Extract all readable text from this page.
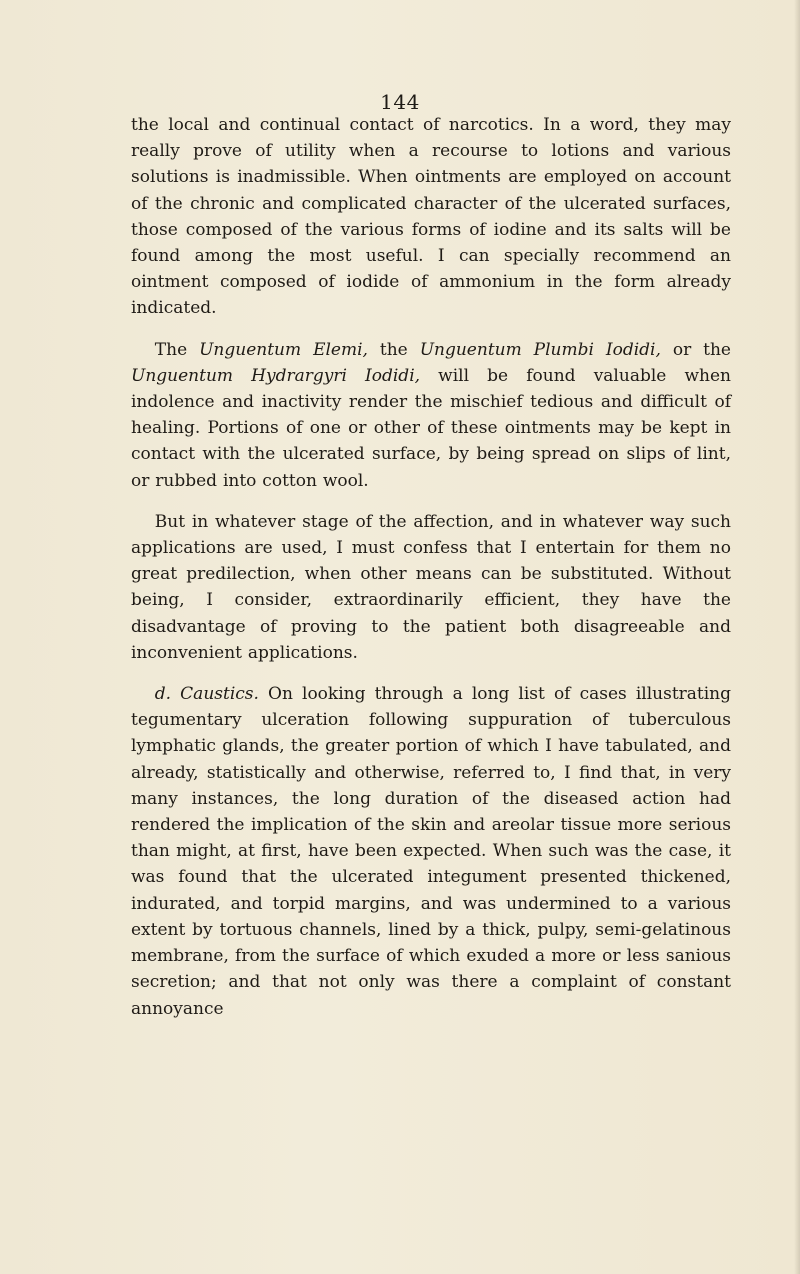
144

the local and continual contact of narcotics. In a word, they may really prove of utility when a recourse to lotions and various solutions is inadmissible. When ointments are employed on account of the chronic and complicated character of the ulcerated surfaces, those composed of the various forms of iodine and its salts will be found among the most useful. I can specially recommend an ointment composed of iodide of ammonium in the form already indicated.

The Unguentum Elemi, the Unguentum Plumbi Iodidi, or the Unguentum Hydrargyri Iodidi, will be found valuable when indolence and inactivity render the mischief tedious and difficult of healing. Portions of one or other of these ointments may be kept in contact with the ulcerated surface, by being spread on slips of lint, or rubbed into cotton wool.

But in whatever stage of the affection, and in whatever way such applications are used, I must confess that I entertain for them no great predilection, when other means can be substituted. Without being, I consider, extraordinarily efficient, they have the disadvantage of proving to the patient both disagreeable and inconvenient applications.

d. Caustics. On looking through a long list of cases illustrating tegumentary ulceration following suppuration of tuberculous lymphatic glands, the greater portion of which I have tabulated, and already, statistically and otherwise, referred to, I find that, in very many instances, the long duration of the diseased action had rendered the implication of the skin and areolar tissue more serious than might, at first, have been expected. When such was the case, it was found that the ulcerated integument presented thickened, indurated, and torpid margins, and was undermined to a various extent by tortuous channels, lined by a thick, pulpy, semi-gelatinous membrane, from the surface of which exuded a more or less sanious secretion; and that not only was there a complaint of constant annoyance
